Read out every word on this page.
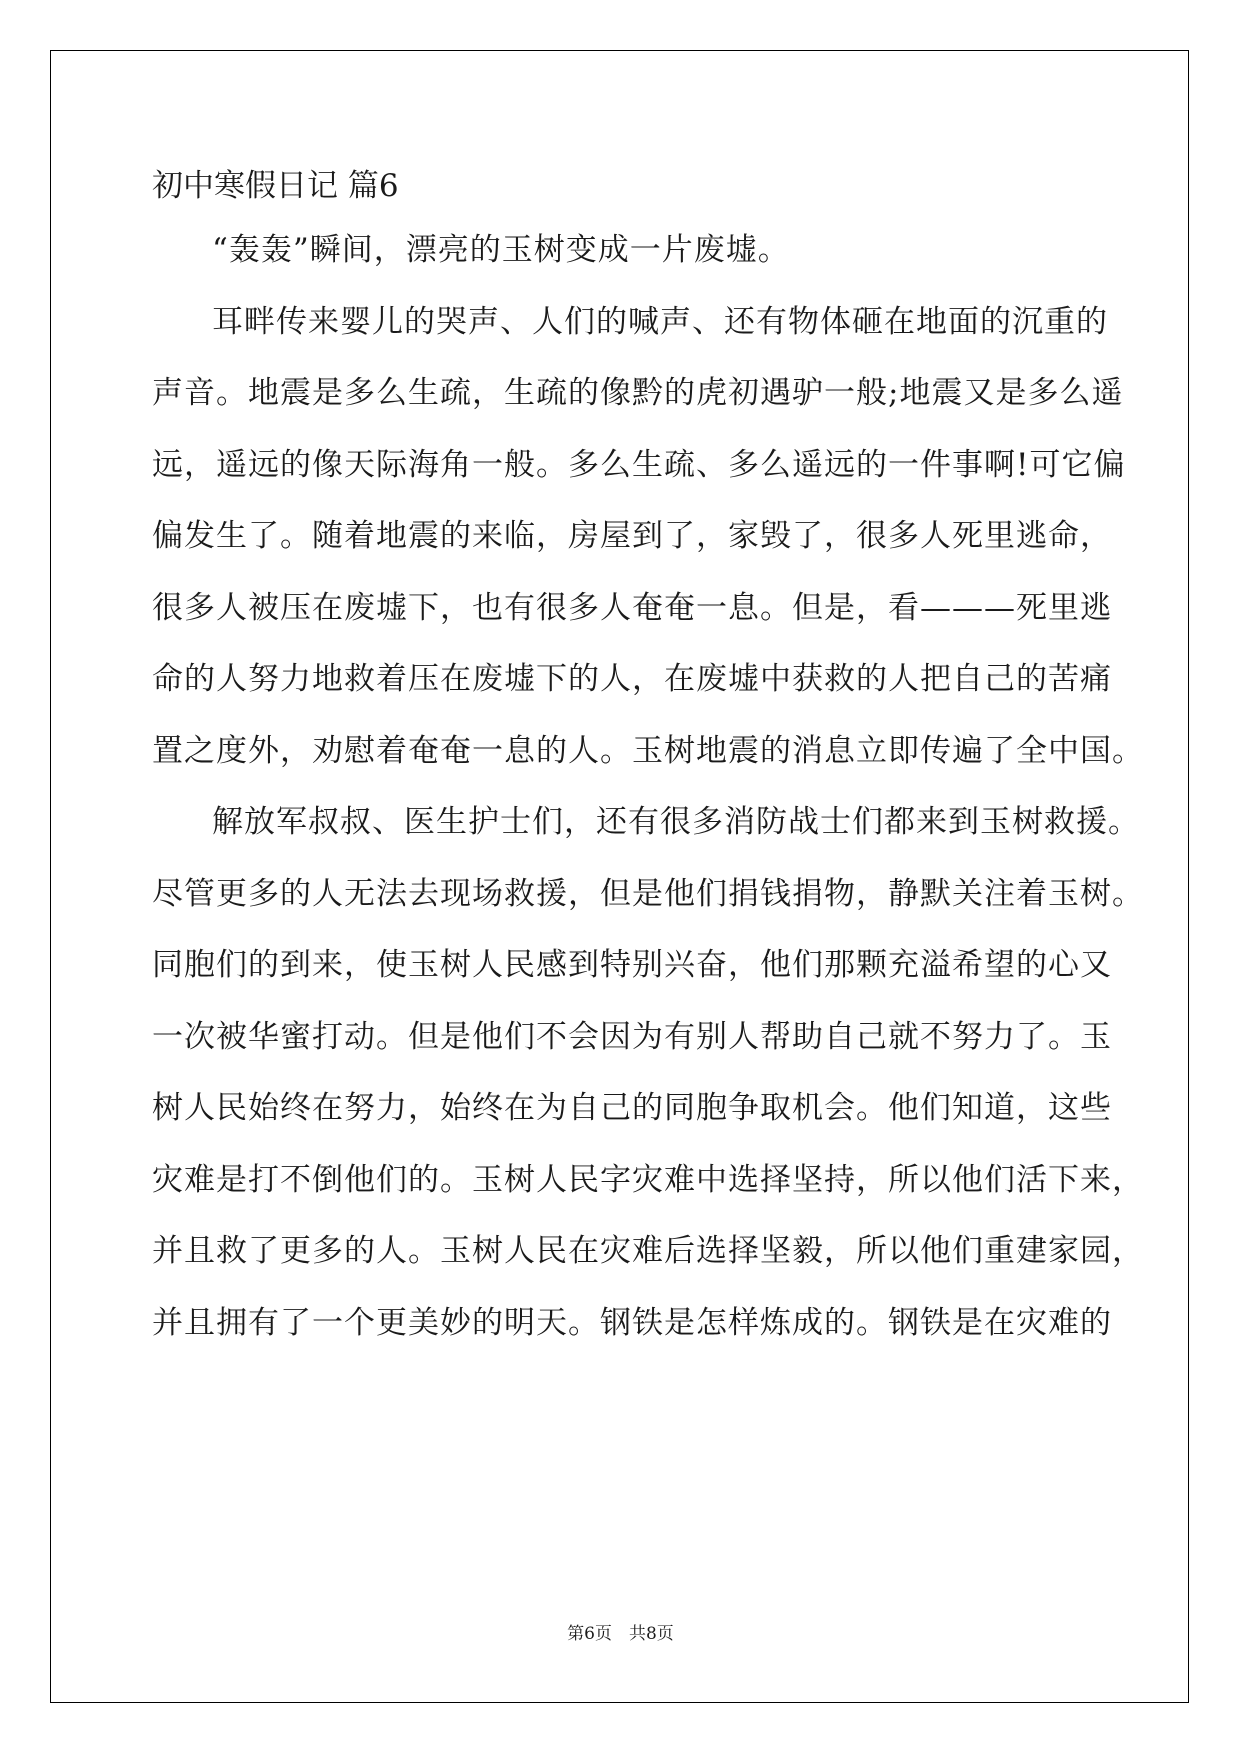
初中寒假日记 篇6
“轰轰”瞬间，漂亮的玉树变成一片废墟。
耳畔传来婴儿的哭声、人们的喊声、还有物体砸在地面的沉重的
声音。地震是多么生疏，生疏的像黔的虎初遇驴一般;地震又是多么遥
远，遥远的像天际海角一般。多么生疏、多么遥远的一件事啊!可它偏
偏发生了。随着地震的来临，房屋到了，家毁了，很多人死里逃命，
很多人被压在废墟下，也有很多人奄奄一息。但是，看———死里逃
命的人努力地救着压在废墟下的人，在废墟中获救的人把自己的苦痛
置之度外，劝慰着奄奄一息的人。玉树地震的消息立即传遍了全中国。
解放军叔叔、医生护士们，还有很多消防战士们都来到玉树救援。
尽管更多的人无法去现场救援，但是他们捐钱捐物，静默关注着玉树。
同胞们的到来，使玉树人民感到特别兴奋，他们那颗充溢希望的心又
一次被华蜜打动。但是他们不会因为有别人帮助自己就不努力了。玉
树人民始终在努力，始终在为自己的同胞争取机会。他们知道，这些
灾难是打不倒他们的。玉树人民字灾难中选择坚持，所以他们活下来，
并且救了更多的人。玉树人民在灾难后选择坚毅，所以他们重建家园，
并且拥有了一个更美妙的明天。钢铁是怎样炼成的。钢铁是在灾难的
第6页　共8页
